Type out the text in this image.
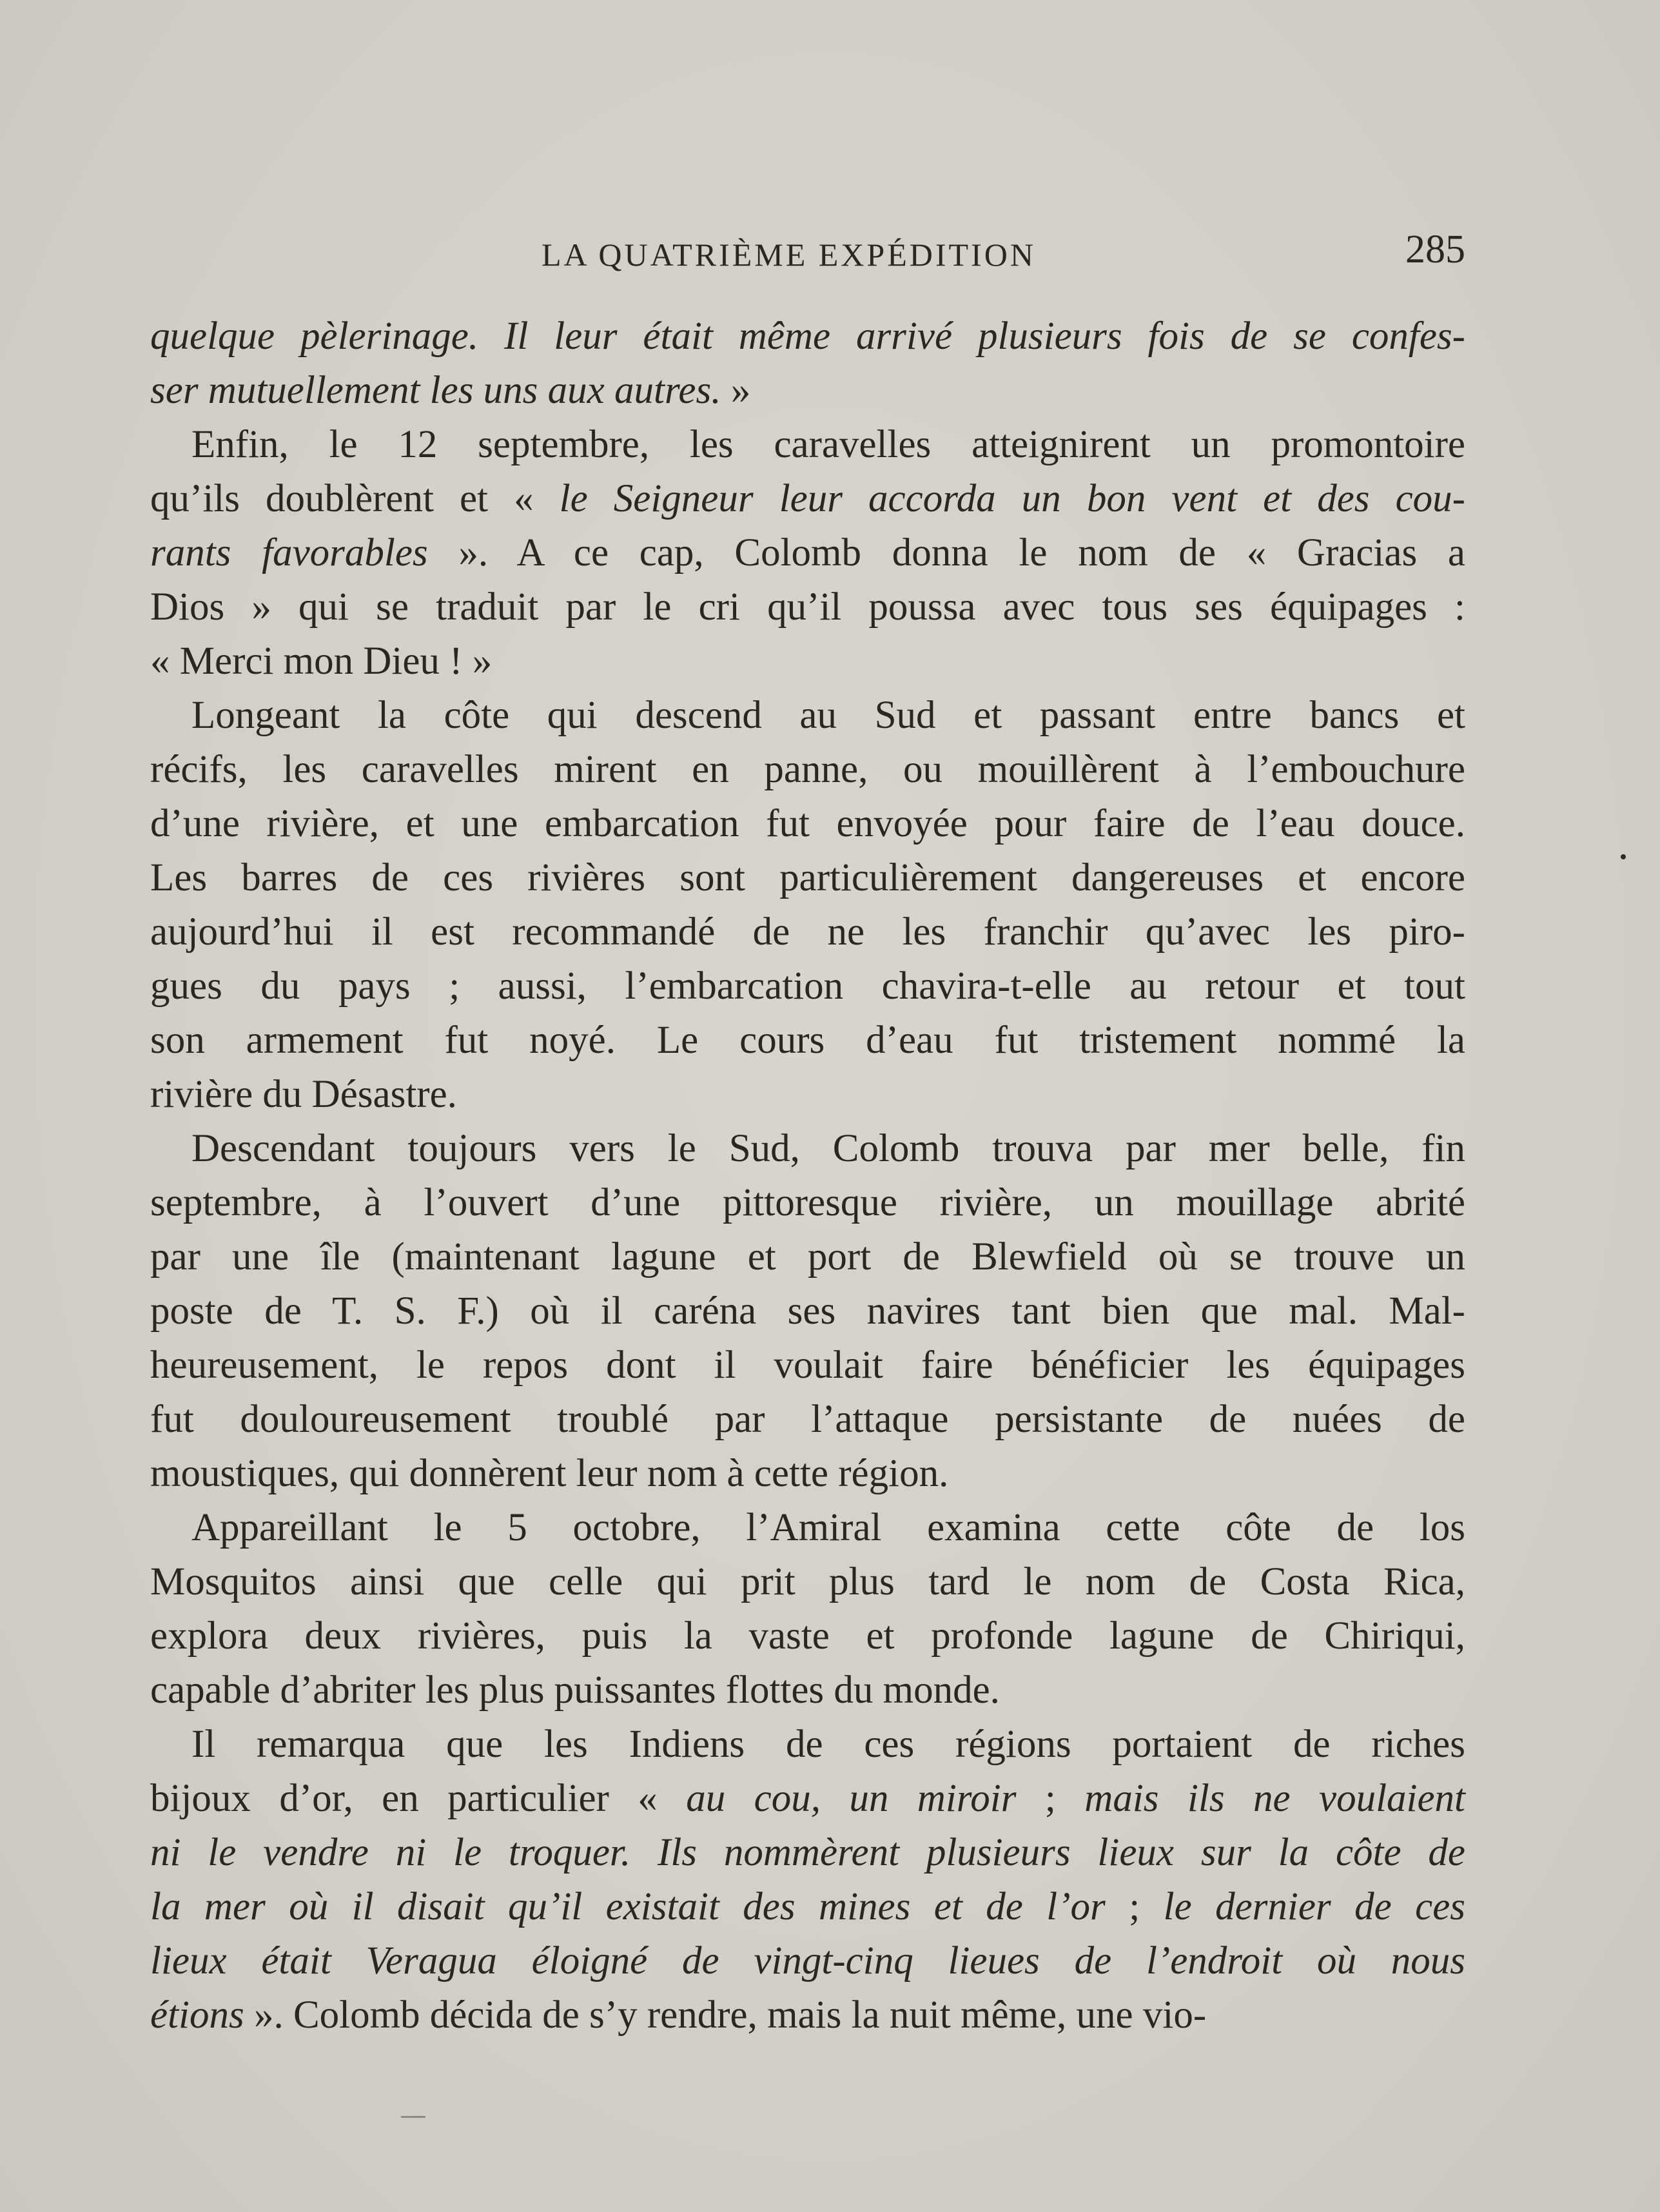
LA QUATRIÈME EXPÉDITION	285
quelque pèlerinage. Il leur était même arrivé plusieurs fois de se confes-
ser mutuellement les uns aux autres. »
Enfin, le 12 septembre, les caravelles atteignirent un promontoire
qu’ils doublèrent et « le Seigneur leur accorda un bon vent et des cou-
rants favorables ». A ce cap, Colomb donna le nom de « Gracias a
Dios » qui se traduit par le cri qu’il poussa avec tous ses équipages :
« Merci mon Dieu ! »
Longeant la côte qui descend au Sud et passant entre bancs et
récifs, les caravelles mirent en panne, ou mouillèrent à l’embouchure
d’une rivière, et une embarcation fut envoyée pour faire de l’eau douce.
Les barres de ces rivières sont particulièrement dangereuses et encore
aujourd’hui il est recommandé de ne les franchir qu’avec les piro-
gues du pays ; aussi, l’embarcation chavira-t-elle au retour et tout
son armement fut noyé. Le cours d’eau fut tristement nommé la
rivière du Désastre.
Descendant toujours vers le Sud, Colomb trouva par mer belle, fin
septembre, à l’ouvert d’une pittoresque rivière, un mouillage abrité
par une île (maintenant lagune et port de Blewfield où se trouve un
poste de T. S. F.) où il caréna ses navires tant bien que mal. Mal-
heureusement, le repos dont il voulait faire bénéficier les équipages
fut douloureusement troublé par l’attaque persistante de nuées de
moustiques, qui donnèrent leur nom à cette région.
Appareillant le 5 octobre, l’Amiral examina cette côte de los
Mosquitos ainsi que celle qui prit plus tard le nom de Costa Rica,
explora deux rivières, puis la vaste et profonde lagune de Chiriqui,
capable d’abriter les plus puissantes flottes du monde.
Il remarqua que les Indiens de ces régions portaient de riches
bijoux d’or, en particulier « au cou, un miroir ; mais ils ne voulaient
ni le vendre ni le troquer. Ils nommèrent plusieurs lieux sur la côte de
la mer où il disait qu’il existait des mines et de l’or ; le dernier de ces
lieux était Veragua éloigné de vingt-cinq lieues de l’endroit où nous
étions ». Colomb décida de s’y rendre, mais la nuit même, une vio-
